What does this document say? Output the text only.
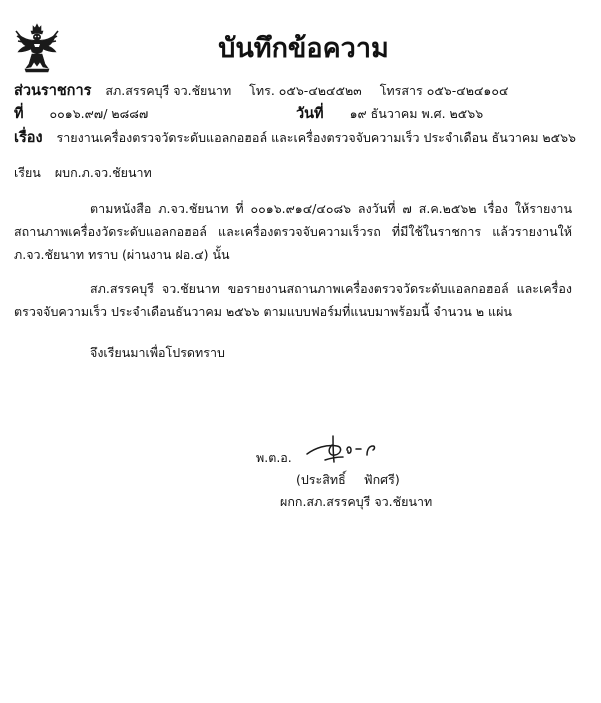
บันทึกข้อความ
ส่วนราชการ สภ.สรรคบุรี จว.ชัยนาท โทร. ๐๕๖-๔๒๔๕๒๓ โทรสาร ๐๕๖-๔๒๔๑๐๔
ที่ ๐๐๑๖.๙๗/ ๒๘๘๗	วันที่ ๑๙ ธันวาคม พ.ศ. ๒๕๖๖
เรื่อง รายงานเครื่องตรวจวัดระดับแอลกอฮอล์ และเครื่องตรวจจับความเร็ว ประจำเดือน ธันวาคม ๒๕๖๖
เรียน ผบก.ภ.จว.ชัยนาท
ตามหนังสือ ภ.จว.ชัยนาท ที่ ๐๐๑๖.๙๑๔/๔๐๘๖ ลงวันที่ ๗ ส.ค.๒๕๖๒ เรื่อง ให้รายงานสถานภาพเครื่องวัดระดับแอลกอฮอล์ และเครื่องตรวจจับความเร็วรถ ที่มีใช้ในราชการ แล้วรายงานให้ ภ.จว.ชัยนาท ทราบ (ผ่านงาน ฝอ.๔) นั้น
สภ.สรรคบุรี จว.ชัยนาท ขอรายงานสถานภาพเครื่องตรวจวัดระดับแอลกอฮอล์ และเครื่องตรวจจับความเร็ว ประจำเดือนธันวาคม ๒๕๖๖ ตามแบบฟอร์มที่แนบมาพร้อมนี้ จำนวน ๒ แผ่น
จึงเรียนมาเพื่อโปรดทราบ
พ.ต.อ.
(ประสิทธิ์ ฟักศรี)
ผกก.สภ.สรรคบุรี จว.ชัยนาท
